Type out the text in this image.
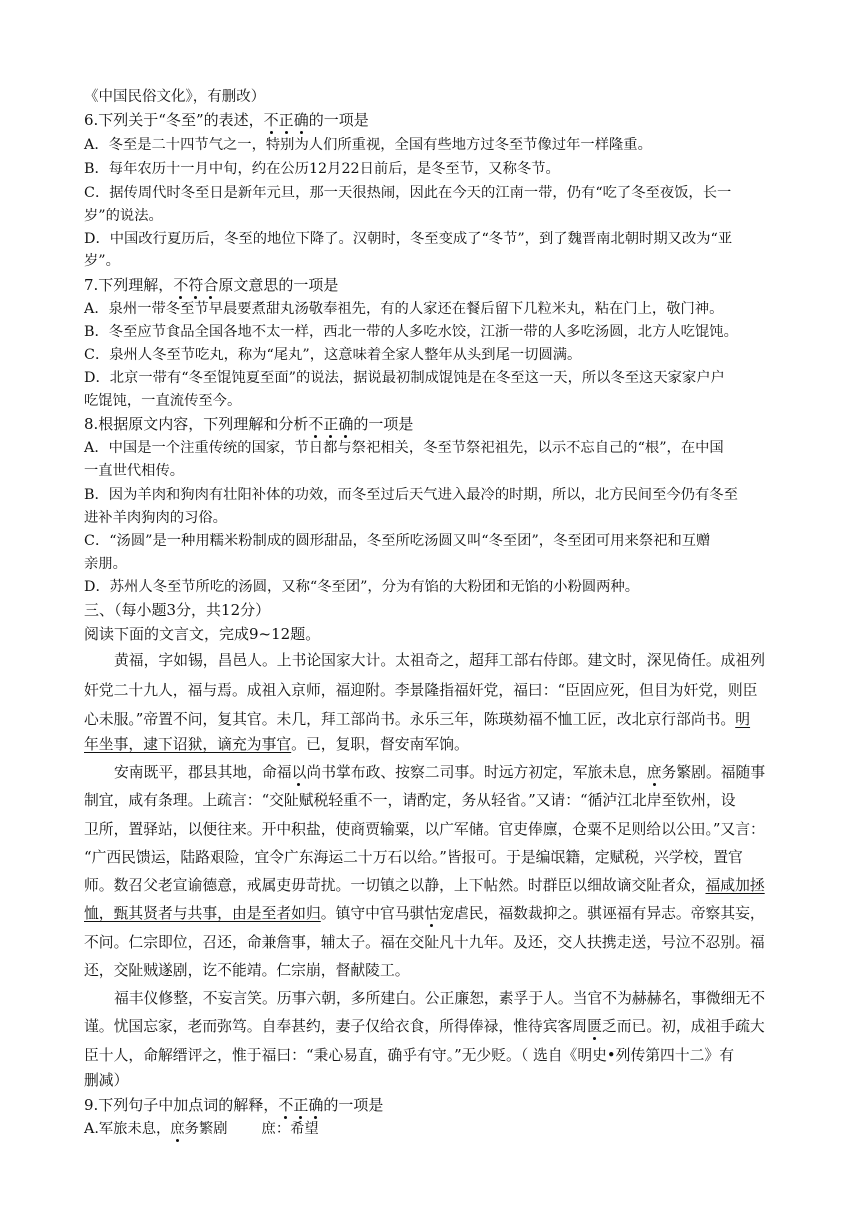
《中国民俗文化》，有删改）
6.下列关于“冬至”的表述，不正确的一项是
A．冬至是二十四节气之一，特别为人们所重视，全国有些地方过冬至节像过年一样隆重。
B．每年农历十一月中旬，约在公历12月22日前后，是冬至节，又称冬节。
C．据传周代时冬至日是新年元旦，那一天很热闹，因此在今天的江南一带，仍有“吃了冬至夜饭，长一
岁”的说法。
D．中国改行夏历后，冬至的地位下降了。汉朝时，冬至变成了“冬节”，到了魏晋南北朝时期又改为“亚
岁”。
7.下列理解，不符合原文意思的一项是
A．泉州一带冬至节早晨要煮甜丸汤敬奉祖先，有的人家还在餐后留下几粒米丸，粘在门上，敬门神。
B．冬至应节食品全国各地不太一样，西北一带的人多吃水饺，江浙一带的人多吃汤圆，北方人吃馄饨。
C．泉州人冬至节吃丸，称为“尾丸”，这意味着全家人整年从头到尾一切圆满。
D．北京一带有“冬至馄饨夏至面”的说法，据说最初制成馄饨是在冬至这一天，所以冬至这天家家户户
吃馄饨，一直流传至今。
8.根据原文内容，下列理解和分析不正确的一项是
A．中国是一个注重传统的国家，节日都与祭祀相关，冬至节祭祀祖先，以示不忘自己的“根”，在中国
一直世代相传。
B．因为羊肉和狗肉有壮阳补体的功效，而冬至过后天气进入最冷的时期，所以，北方民间至今仍有冬至
进补羊肉狗肉的习俗。
C．“汤圆”是一种用糯米粉制成的圆形甜品，冬至所吃汤圆又叫“冬至团”，冬至团可用来祭祀和互赠
亲朋。
D．苏州人冬至节所吃的汤圆，又称“冬至团”，分为有馅的大粉团和无馅的小粉圆两种。
三、（每小题3分，共12分）
阅读下面的文言文，完成9~12题。
黄福，字如锡，昌邑人。上书论国家大计。太祖奇之，超拜工部右侍郎。建文时，深见倚任。成祖列
奸党二十九人，福与焉。成祖入京师，福迎附。李景隆指福奸党，福曰：“臣固应死，但目为奸党，则臣
心未服。”帝置不问，复其官。未几，拜工部尚书。永乐三年，陈瑛劾福不恤工匠，改北京行部尚书。明
年坐事，逮下诏狱，谪充为事官。已，复职，督安南军饷。
安南既平，郡县其地，命福以尚书掌布政、按察二司事。时远方初定，军旅未息，庶务繁剧。福随事
制宜，咸有条理。上疏言：“交阯赋税轻重不一，请酌定，务从轻省。”又请：“循泸江北岸至钦州，设
卫所，置驿站，以便往来。开中积盐，使商贾输粟，以广军储。官吏俸廪，仓粟不足则给以公田。”又言：
“广西民馈运，陆路艰险，宜令广东海运二十万石以给。”皆报可。于是编氓籍，定赋税，兴学校，置官
师。数召父老宣谕德意，戒属吏毋苛扰。一切镇之以静，上下帖然。时群臣以细故谪交阯者众，福咸加拯
恤，甄其贤者与共事，由是至者如归。镇守中官马骐怙宠虐民，福数裁抑之。骐诬福有异志。帝察其妄，
不问。仁宗即位，召还，命兼詹事，辅太子。福在交阯凡十九年。及还，交人扶携走送，号泣不忍别。福
还，交阯贼遂剧，讫不能靖。仁宗崩，督献陵工。
福丰仪修整，不妄言笑。历事六朝，多所建白。公正廉恕，素孚于人。当官不为赫赫名，事微细无不
谨。忧国忘家，老而弥笃。自奉甚约，妻子仅给衣食，所得俸禄，惟待宾客周匮乏而已。初，成祖手疏大
臣十人，命解缙评之，惟于福曰：“秉心易直，确乎有守。”无少贬。（ 选自《明史•列传第四十二》有
删减）
9.下列句子中加点词的解释，不正确的一项是
A.军旅未息，庶务繁剧 庶：希望
